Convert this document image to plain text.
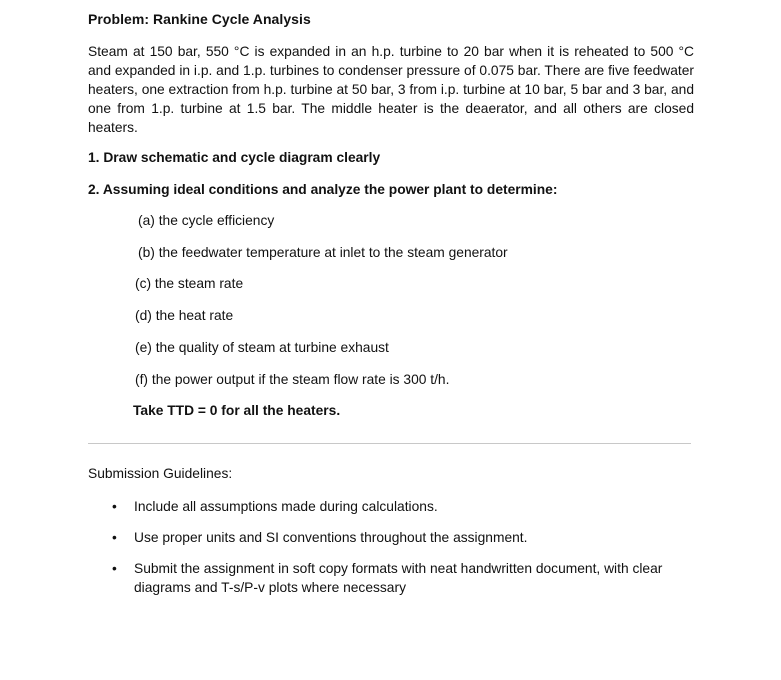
Problem: Rankine Cycle Analysis

Steam at 150 bar, 550 °C is expanded in an h.p. turbine to 20 bar when it is reheated to 500 °C and expanded in i.p. and 1.p. turbines to condenser pressure of 0.075 bar. There are five feedwater heaters, one extraction from h.p. turbine at 50 bar, 3 from i.p. turbine at 10 bar, 5 bar and 3 bar, and one from 1.p. turbine at 1.5 bar. The middle heater is the deaerator, and all others are closed heaters.

1. Draw schematic and cycle diagram clearly
2. Assuming ideal conditions and analyze the power plant to determine:
(a) the cycle efficiency
(b) the feedwater temperature at inlet to the steam generator
(c) the steam rate
(d) the heat rate
(e) the quality of steam at turbine exhaust
(f) the power output if the steam flow rate is 300 t/h.
Take TTD = 0 for all the heaters.
Submission Guidelines:
• Include all assumptions made during calculations.
• Use proper units and SI conventions throughout the assignment.
• Submit the assignment in soft copy formats with neat handwritten document, with clear diagrams and T-s/P-v plots where necessary
